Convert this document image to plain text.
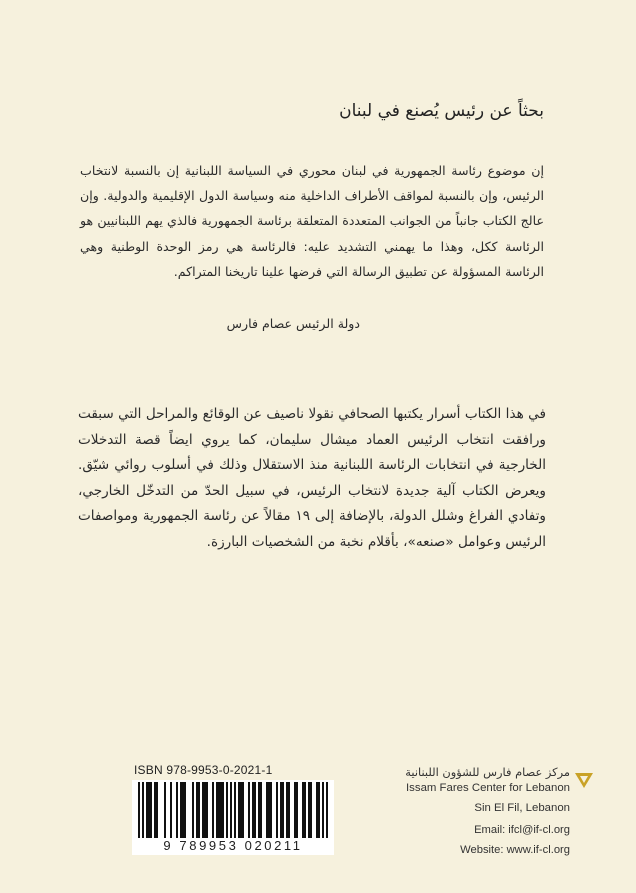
بحثاً عن رئيس يُصنع في لبنان
إن موضوع رئاسة الجمهورية في لبنان محوري في السياسة اللبنانية إن بالنسبة لانتخاب الرئيس، وإن بالنسبة لمواقف الأطراف الداخلية منه وسياسة الدول الإقليمية والدولية. وإن عالج الكتاب جانباً من الجوانب المتعددة المتعلقة برئاسة الجمهورية فالذي يهم اللبنانيين هو الرئاسة ككل، وهذا ما يهمني التشديد عليه: فالرئاسة هي رمز الوحدة الوطنية وهي الرئاسة المسؤولة عن تطبيق الرسالة التي فرضها علينا تاريخنا المتراكم.
دولة الرئيس عصام فارس
في هذا الكتاب أسرار يكتبها الصحافي نقولا ناصيف عن الوقائع والمراحل التي سبقت ورافقت انتخاب الرئيس العماد ميشال سليمان، كما يروي ايضاً قصة التدخلات الخارجية في انتخابات الرئاسة اللبنانية منذ الاستقلال وذلك في أسلوب روائي شيّق. ويعرض الكتاب آلية جديدة لانتخاب الرئيس، في سبيل الحدّ من التدخّل الخارجي، وتفادي الفراغ وشلل الدولة، بالإضافة إلى ١٩ مقالاً عن رئاسة الجمهورية ومواصفات الرئيس وعوامل «صنعه»، بأقلام نخبة من الشخصيات البارزة.
ISBN 978-9953-0-2021-1
9 789953 020211
مركز عصام فارس للشؤون اللبنانية
Issam Fares Center for Lebanon
Sin El Fil, Lebanon
Email: ifcl@if-cl.org
Website: www.if-cl.org
